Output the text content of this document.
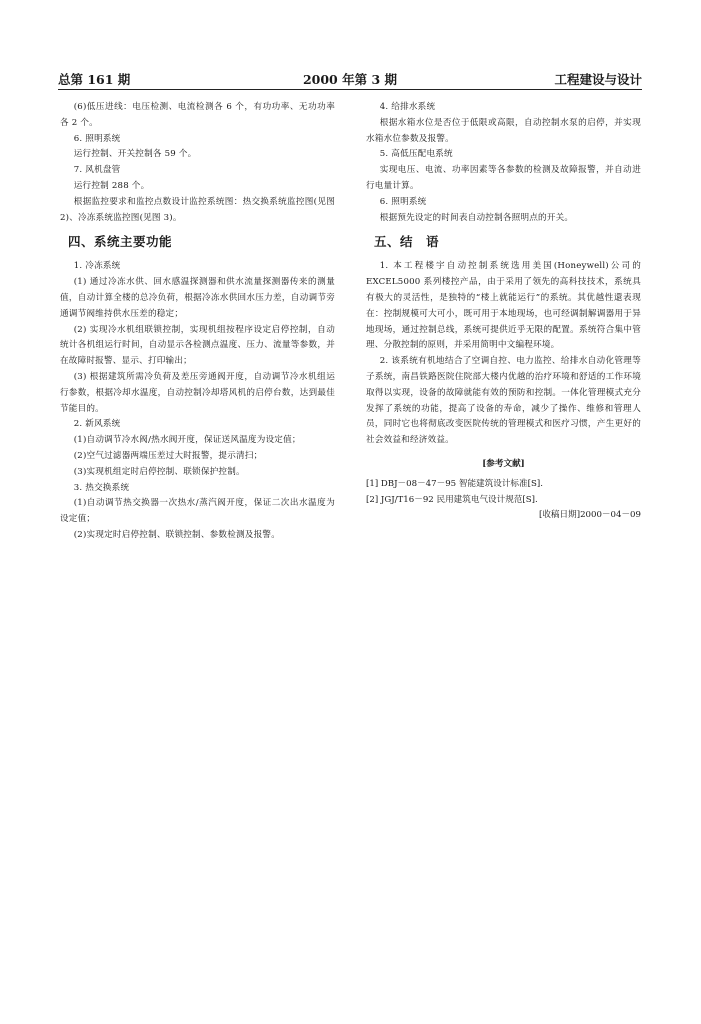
总第 161 期	2000 年第 3 期	工程建设与设计

(6)低压进线：电压检测、电流检测各 6 个，有功功率、无功功率各 2 个。

6. 照明系统

运行控制、开关控制各 59 个。

7. 风机盘管

运行控制 288 个。

根据监控要求和监控点数设计监控系统图：热交换系统监控图(见图 2)、冷冻系统监控图(见图 3)。

四、系统主要功能

1. 冷冻系统

(1) 通过冷冻水供、回水感温探测器和供水流量探测器传来的测量值，自动计算全楼的总冷负荷，根据冷冻水供回水压力差，自动调节旁通调节阀维持供水压差的稳定；

(2) 实现冷水机组联锁控制，实现机组按程序设定启停控制，自动统计各机组运行时间，自动显示各检测点温度、压力、流量等参数，并在故障时报警、显示、打印输出；

(3) 根据建筑所需冷负荷及差压旁通阀开度，自动调节冷水机组运行参数，根据冷却水温度，自动控制冷却塔风机的启停台数，达到最佳节能目的。

2. 新风系统

(1)自动调节冷水阀/热水阀开度，保证送风温度为设定值；

(2)空气过滤器两端压差过大时报警，提示清扫；

(3)实现机组定时启停控制、联锁保护控制。

3. 热交换系统

(1)自动调节热交换器一次热水/蒸汽阀开度，保证二次出水温度为设定值；

(2)实现定时启停控制、联锁控制、参数检测及报警。

4. 给排水系统

根据水箱水位是否位于低限或高限，自动控制水泵的启停，并实现水箱水位参数及报警。

5. 高低压配电系统

实现电压、电流、功率因素等各参数的检测及故障报警，并自动进行电量计算。

6. 照明系统

根据预先设定的时间表自动控制各照明点的开关。

五、结　语

1. 本工程楼宇自动控制系统选用美国(Honeywell)公司的 EXCEL5000 系列楼控产品，由于采用了领先的高科技技术，系统具有极大的灵活性，是独特的“楼上就能运行”的系统。其优越性還表现在：控制规模可大可小，既可用于本地现场，也可经调制解调器用于异地现场，通过控制总线，系统可提供近乎无限的配置。系统符合集中管理、分散控制的原则，并采用简明中文编程环境。

2. 该系统有机地结合了空调自控、电力监控、给排水自动化管理等子系统，南昌铁路医院住院部大楼内优越的治疗环境和舒适的工作环境取得以实现，设备的故障就能有效的预防和控制。一体化管理模式充分发挥了系统的功能，提高了设备的寿命，减少了操作、维修和管理人员，同时它也将彻底改变医院传统的管理模式和医疗习惯，产生更好的社会效益和经济效益。

[参考文献]

[1] DBJ－08－47－95 智能建筑设计标准[S].

[2] JGJ/T16－92 民用建筑电气设计规范[S].

[收稿日期]2000－04－09
